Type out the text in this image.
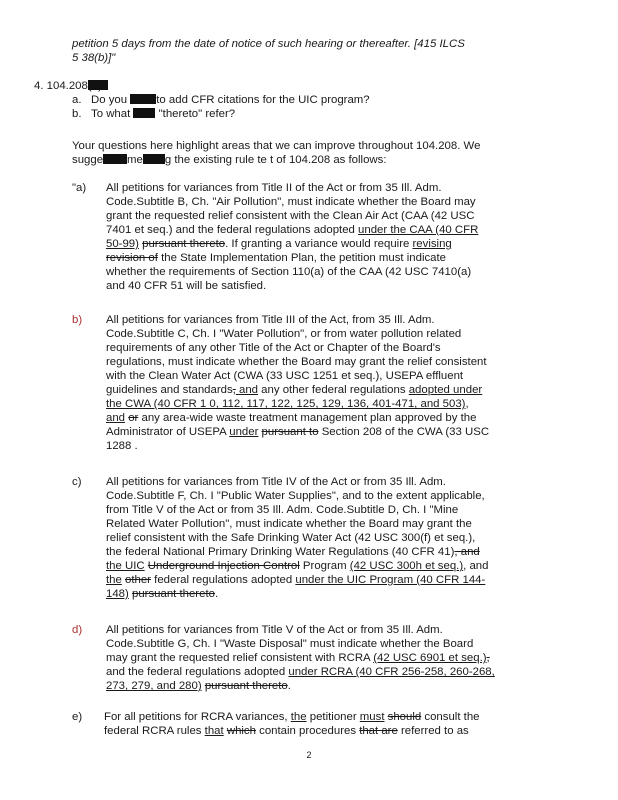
petition 5 days from the date of notice of such hearing or thereafter. [415 ILCS
5 38(b)]"
4. 104.208
a. Do you	to add CFR citations for the UIC program?
b. To what "thereto" refer?
Your questions here highlight areas that we can improve throughout 104.208. We
sugge me g the existing rule te t of 104.208 as follows:
"a) All petitions for variances from Title II of the Act or from 35 Ill. Adm.
Code.Subtitle B, Ch. "Air Pollution", must indicate whether the Board may
grant the requested relief consistent with the Clean Air Act (CAA (42 USC
7401 et seq.) and the federal regulations adopted under the CAA (40 CFR
50-99) pursuant thereto. If granting a variance would require revising
revision of the State Implementation Plan, the petition must indicate
whether the requirements of Section 110(a) of the CAA (42 USC 7410(a)
and 40 CFR 51 will be satisfied.
b) All petitions for variances from Title III of the Act, from 35 Ill. Adm.
Code.Subtitle C, Ch. I "Water Pollution", or from water pollution related
requirements of any other Title of the Act or Chapter of the Board's
regulations, must indicate whether the Board may grant the relief consistent
with the Clean Water Act (CWA (33 USC 1251 et seq.), USEPA effluent
guidelines and standards, and any other federal regulations adopted under
the CWA (40 CFR 1 0, 112, 117, 122, 125, 129, 136, 401-471, and 503),
and or any area-wide waste treatment management plan approved by the
Administrator of USEPA under pursuant to Section 208 of the CWA (33 USC
1288 .
c) All petitions for variances from Title IV of the Act or from 35 Ill. Adm.
Code.Subtitle F, Ch. I "Public Water Supplies", and to the extent applicable,
from Title V of the Act or from 35 Ill. Adm. Code.Subtitle D, Ch. I "Mine
Related Water Pollution", must indicate whether the Board may grant the
relief consistent with the Safe Drinking Water Act (42 USC 300(f) et seq.),
the federal National Primary Drinking Water Regulations (40 CFR 41), and
the UIC Underground Injection Control Program (42 USC 300h et seq.), and
the other federal regulations adopted under the UIC Program (40 CFR 144-
148) pursuant thereto.
d) All petitions for variances from Title V of the Act or from 35 Ill. Adm.
Code.Subtitle G, Ch. I "Waste Disposal" must indicate whether the Board
may grant the requested relief consistent with RCRA (42 USC 6901 et seq.),
and the federal regulations adopted under RCRA (40 CFR 256-258, 260-268,
273, 279, and 280) pursuant thereto.
e) For all petitions for RCRA variances, the petitioner must should consult the
federal RCRA rules that which contain procedures that are referred to as
2
